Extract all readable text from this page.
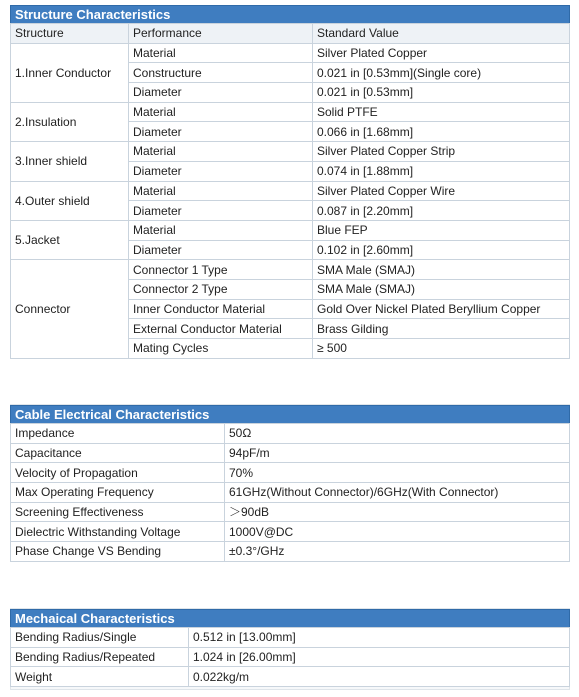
Structure Characteristics
Structure	Performance	Standard Value
1.Inner Conductor	Material	Silver Plated Copper
	Constructure	0.021 in [0.53mm](Single core)
	Diameter	0.021 in [0.53mm]
2.Insulation	Material	Solid PTFE
	Diameter	0.066 in [1.68mm]
3.Inner shield	Material	Silver Plated Copper Strip
	Diameter	0.074 in [1.88mm]
4.Outer shield	Material	Silver Plated Copper Wire
	Diameter	0.087 in [2.20mm]
5.Jacket	Material	Blue FEP
	Diameter	0.102 in [2.60mm]
Connector	Connector 1 Type	SMA Male (SMAJ)
	Connector 2 Type	SMA Male (SMAJ)
	Inner Conductor Material	Gold Over Nickel Plated Beryllium Copper
	External Conductor Material	Brass Gilding
	Mating Cycles	≥ 500
Cable Electrical Characteristics
Impedance	50Ω
Capacitance	94pF/m
Velocity of Propagation	70%
Max Operating Frequency	61GHz(Without Connector)/6GHz(With Connector)
Screening Effectiveness	＞90dB
Dielectric Withstanding Voltage	1000V@DC
Phase Change VS Bending	±0.3°/GHz
Mechaical Characteristics
Bending Radius/Single	0.512 in [13.00mm]
Bending Radius/Repeated	1.024 in [26.00mm]
Weight	0.022kg/m
